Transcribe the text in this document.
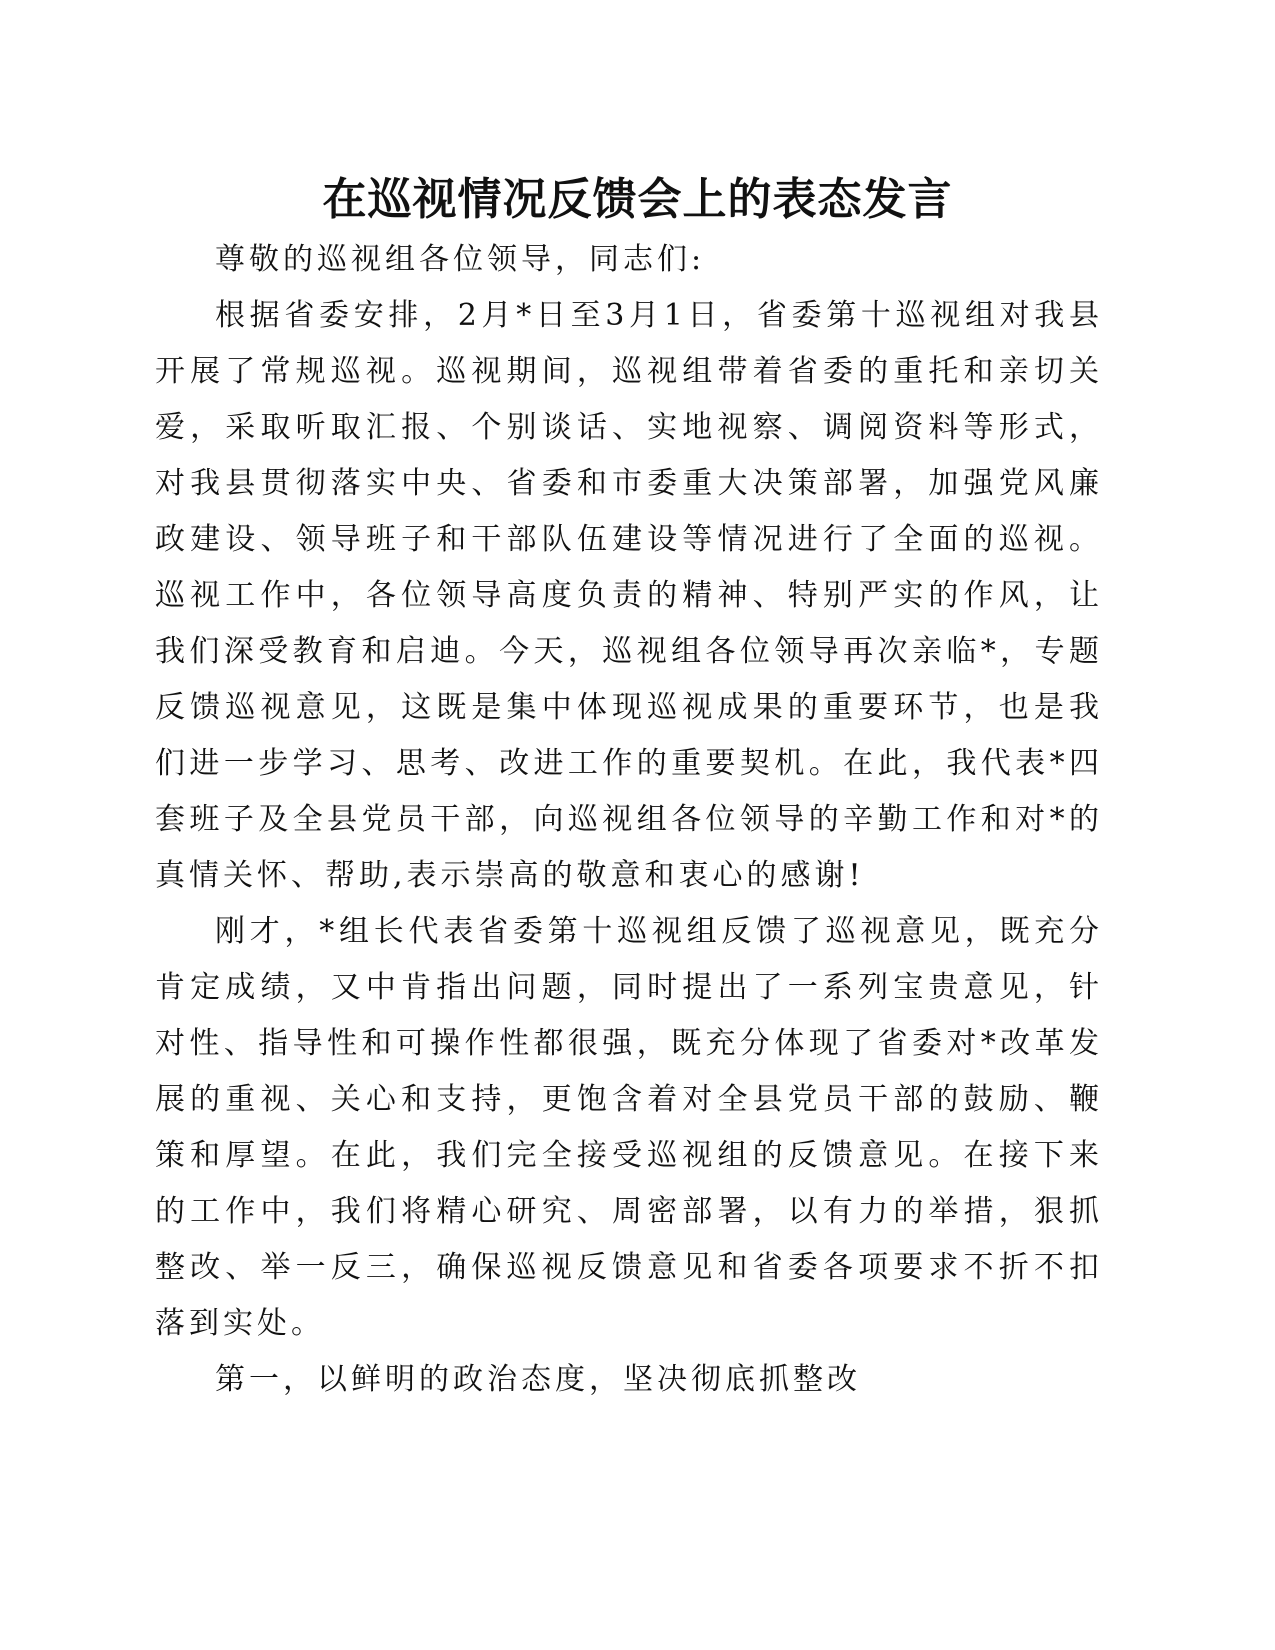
在巡视情况反馈会上的表态发言

尊敬的巡视组各位领导，同志们:

根据省委安排，2月*日至3月1日，省委第十巡视组对我县开展了常规巡视。巡视期间，巡视组带着省委的重托和亲切关爱，采取听取汇报、个别谈话、实地视察、调阅资料等形式，对我县贯彻落实中央、省委和市委重大决策部署，加强党风廉政建设、领导班子和干部队伍建设等情况进行了全面的巡视。巡视工作中，各位领导高度负责的精神、特别严实的作风，让我们深受教育和启迪。今天，巡视组各位领导再次亲临*，专题反馈巡视意见，这既是集中体现巡视成果的重要环节，也是我们进一步学习、思考、改进工作的重要契机。在此，我代表*四套班子及全县党员干部，向巡视组各位领导的辛勤工作和对*的真情关怀、帮助,表示崇高的敬意和衷心的感谢!

刚才，*组长代表省委第十巡视组反馈了巡视意见，既充分肯定成绩，又中肯指出问题，同时提出了一系列宝贵意见，针对性、指导性和可操作性都很强，既充分体现了省委对*改革发展的重视、关心和支持，更饱含着对全县党员干部的鼓励、鞭策和厚望。在此，我们完全接受巡视组的反馈意见。在接下来的工作中，我们将精心研究、周密部署，以有力的举措，狠抓整改、举一反三，确保巡视反馈意见和省委各项要求不折不扣落到实处。

第一，以鲜明的政治态度，坚决彻底抓整改
